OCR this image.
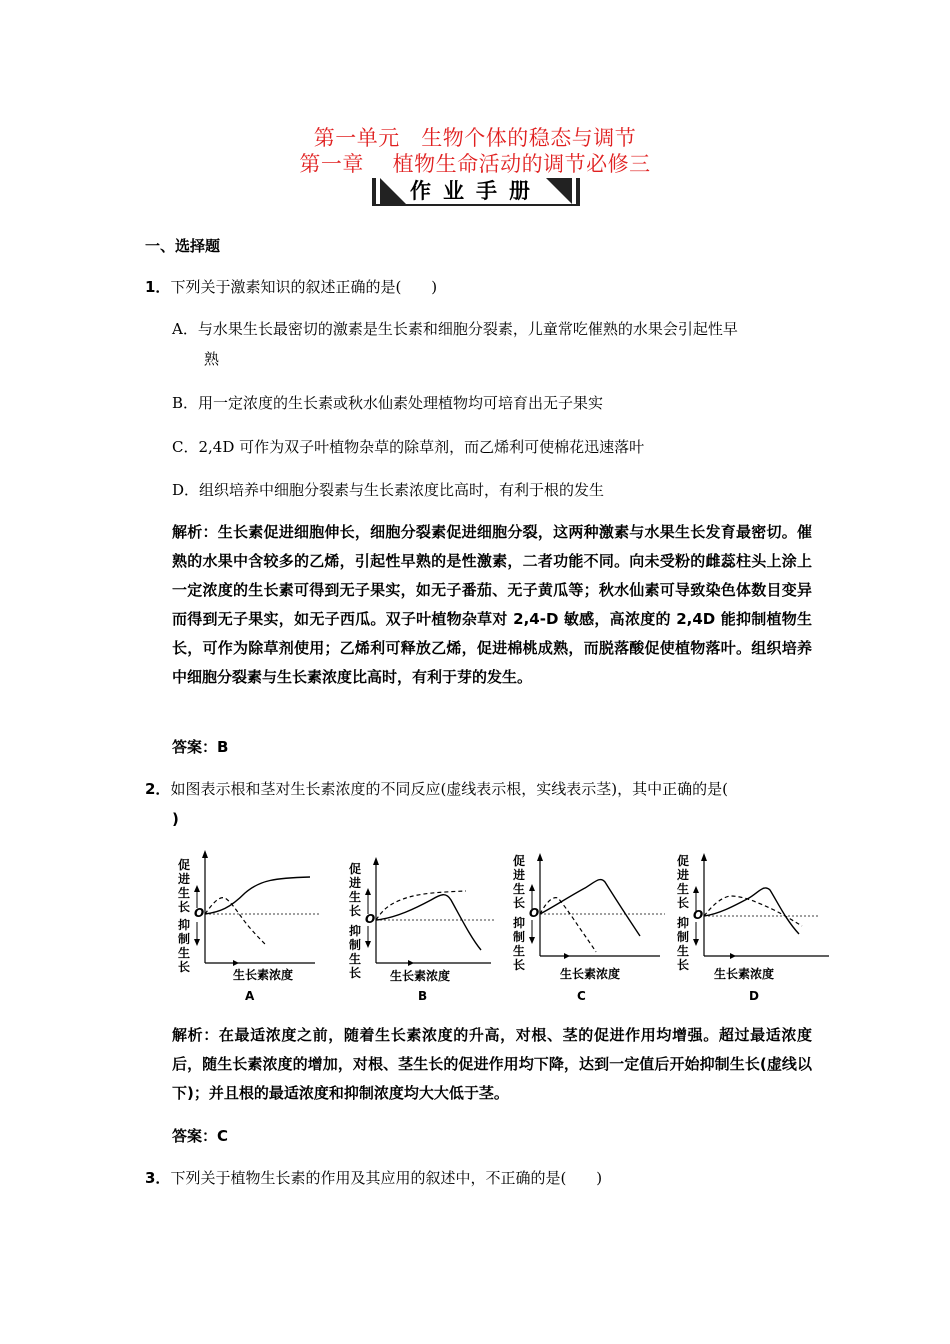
第一单元　生物个体的稳态与调节
第一章　 植物生命活动的调节必修三
作业手册
一、选择题
1．下列关于激素知识的叙述正确的是(　　)
A．与水果生长最密切的激素是生长素和细胞分裂素，儿童常吃催熟的水果会引起性早
熟
B．用一定浓度的生长素或秋水仙素处理植物均可培育出无子果实
C．2,4D 可作为双子叶植物杂草的除草剂，而乙烯利可使棉花迅速落叶
D．组织培养中细胞分裂素与生长素浓度比高时，有利于根的发生
解析：生长素促进细胞伸长，细胞分裂素促进细胞分裂，这两种激素与水果生长发育最密切。催熟的水果中含较多的乙烯，引起性早熟的是性激素，二者功能不同。向未受粉的雌蕊柱头上涂上一定浓度的生长素可得到无子果实，如无子番茄、无子黄瓜等；秋水仙素可导致染色体数目变异而得到无子果实，如无子西瓜。双子叶植物杂草对 2,4-D 敏感，高浓度的 2,4D 能抑制植物生长，可作为除草剂使用；乙烯利可释放乙烯，促进棉桃成熟，而脱落酸促使植物落叶。组织培养中细胞分裂素与生长素浓度比高时，有利于芽的发生。
答案：B
2．如图表示根和茎对生长素浓度的不同反应(虚线表示根，实线表示茎)，其中正确的是(
)
促进生长
抑制生长
O
生长素浓度
A
促进生长
抑制生长
O
生长素浓度
B
促进生长
抑制生长
O
生长素浓度
C
促进生长
抑制生长
O
生长素浓度
D
解析：在最适浓度之前，随着生长素浓度的升高，对根、茎的促进作用均增强。超过最适浓度后，随生长素浓度的增加，对根、茎生长的促进作用均下降，达到一定值后开始抑制生长(虚线以下)；并且根的最适浓度和抑制浓度均大大低于茎。
答案：C
3．下列关于植物生长素的作用及其应用的叙述中，不正确的是(　　)
